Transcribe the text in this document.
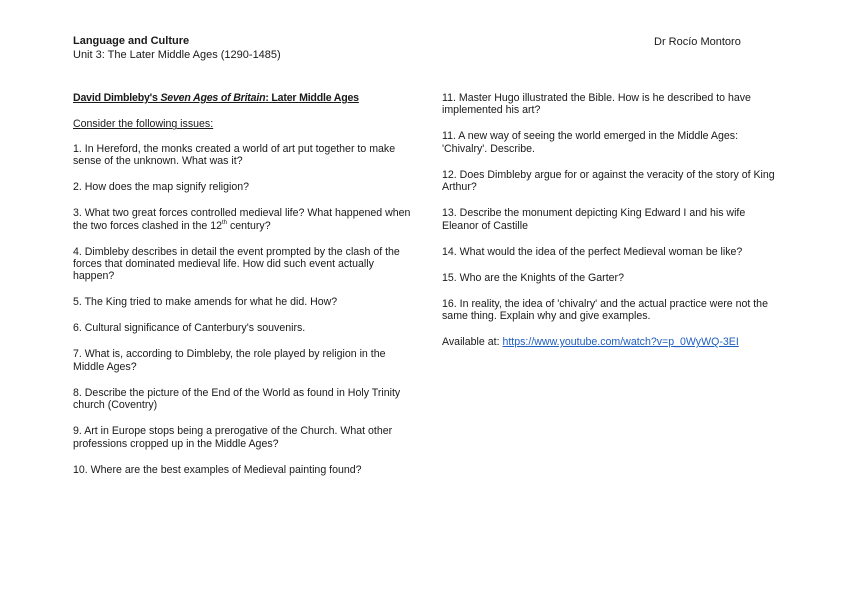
Language and Culture
Unit 3: The Later Middle Ages (1290-1485)
Dr Rocío Montoro
David Dimbleby's Seven Ages of Britain: Later Middle Ages
Consider the following issues:
1. In Hereford, the monks created a world of art put together to make sense of the unknown. What was it?
2. How does the map signify religion?
3. What two great forces controlled medieval life? What happened when the two forces clashed in the 12th century?
4. Dimbleby describes in detail the event prompted by the clash of the forces that dominated medieval life. How did such event actually happen?
5. The King tried to make amends for what he did. How?
6. Cultural significance of Canterbury's souvenirs.
7. What is, according to Dimbleby, the role played by religion in the Middle Ages?
8. Describe the picture of the End of the World as found in Holy Trinity church (Coventry)
9. Art in Europe stops being a prerogative of the Church. What other professions cropped up in the Middle Ages?
10. Where are the best examples of Medieval painting found?
11. Master Hugo illustrated the Bible. How is he described to have implemented his art?
11. A new way of seeing the world emerged in the Middle Ages: 'Chivalry'. Describe.
12. Does Dimbleby argue for or against the veracity of the story of King Arthur?
13. Describe the monument depicting King Edward I and his wife Eleanor of Castille
14. What would the idea of the perfect Medieval woman be like?
15. Who are the Knights of the Garter?
16. In reality, the idea of 'chivalry' and the actual practice were not the same thing. Explain why and give examples.
Available at: https://www.youtube.com/watch?v=p_0WyWQ-3EI
